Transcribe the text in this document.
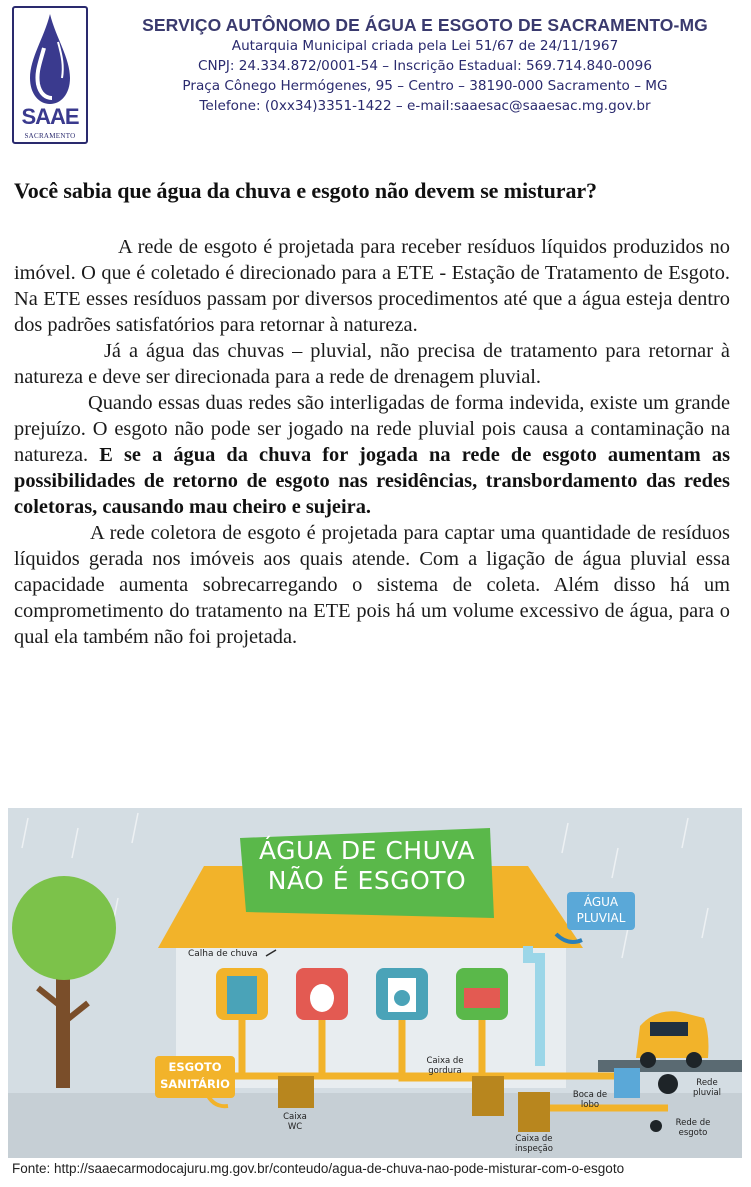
SAAE
SACRAMENTO
SERVIÇO AUTÔNOMO DE ÁGUA E ESGOTO DE SACRAMENTO-MG
Autarquia Municipal criada pela Lei 51/67 de 24/11/1967
CNPJ: 24.334.872/0001-54 – Inscrição Estadual: 569.714.840-0096
Praça Cônego Hermógenes, 95 – Centro – 38190-000 Sacramento – MG
Telefone: (0xx34)3351-1422 – e-mail:saaesac@saaesac.mg.gov.br
Você sabia que água da chuva e esgoto não devem se misturar?

A rede de esgoto é projetada para receber resíduos líquidos produzidos no imóvel. O que é coletado é direcionado para a ETE - Estação de Tratamento de Esgoto. Na ETE esses resíduos passam por diversos procedimentos até que a água esteja dentro dos padrões satisfatórios para retornar à natureza.

Já a água das chuvas – pluvial, não precisa de tratamento para retornar à natureza e deve ser direcionada para a rede de drenagem pluvial.

Quando essas duas redes são interligadas de forma indevida, existe um grande prejuízo. O esgoto não pode ser jogado na rede pluvial pois causa a contaminação na natureza. E se a água da chuva for jogada na rede de esgoto aumentam as possibilidades de retorno de esgoto nas residências, transbordamento das redes coletoras, causando mau cheiro e sujeira.

A rede coletora de esgoto é projetada para captar uma quantidade de resíduos líquidos gerada nos imóveis aos quais atende. Com a ligação de água pluvial essa capacidade aumenta sobrecarregando o sistema de coleta. Além disso há um comprometimento do tratamento na ETE pois há um volume excessivo de água, para o qual ela também não foi projetada.

ÁGUA DE CHUVA
NÃO É ESGOTO
ÁGUA
PLUVIAL
Calha de chuva
ESGOTO
SANITÁRIO
Caixa
WC
Caixa de
gordura
Caixa de
inspeção
Boca de
lobo
Rede
pluvial
Rede de
esgoto
Fonte: http://saaecarmodocajuru.mg.gov.br/conteudo/agua-de-chuva-nao-pode-misturar-com-o-esgoto
